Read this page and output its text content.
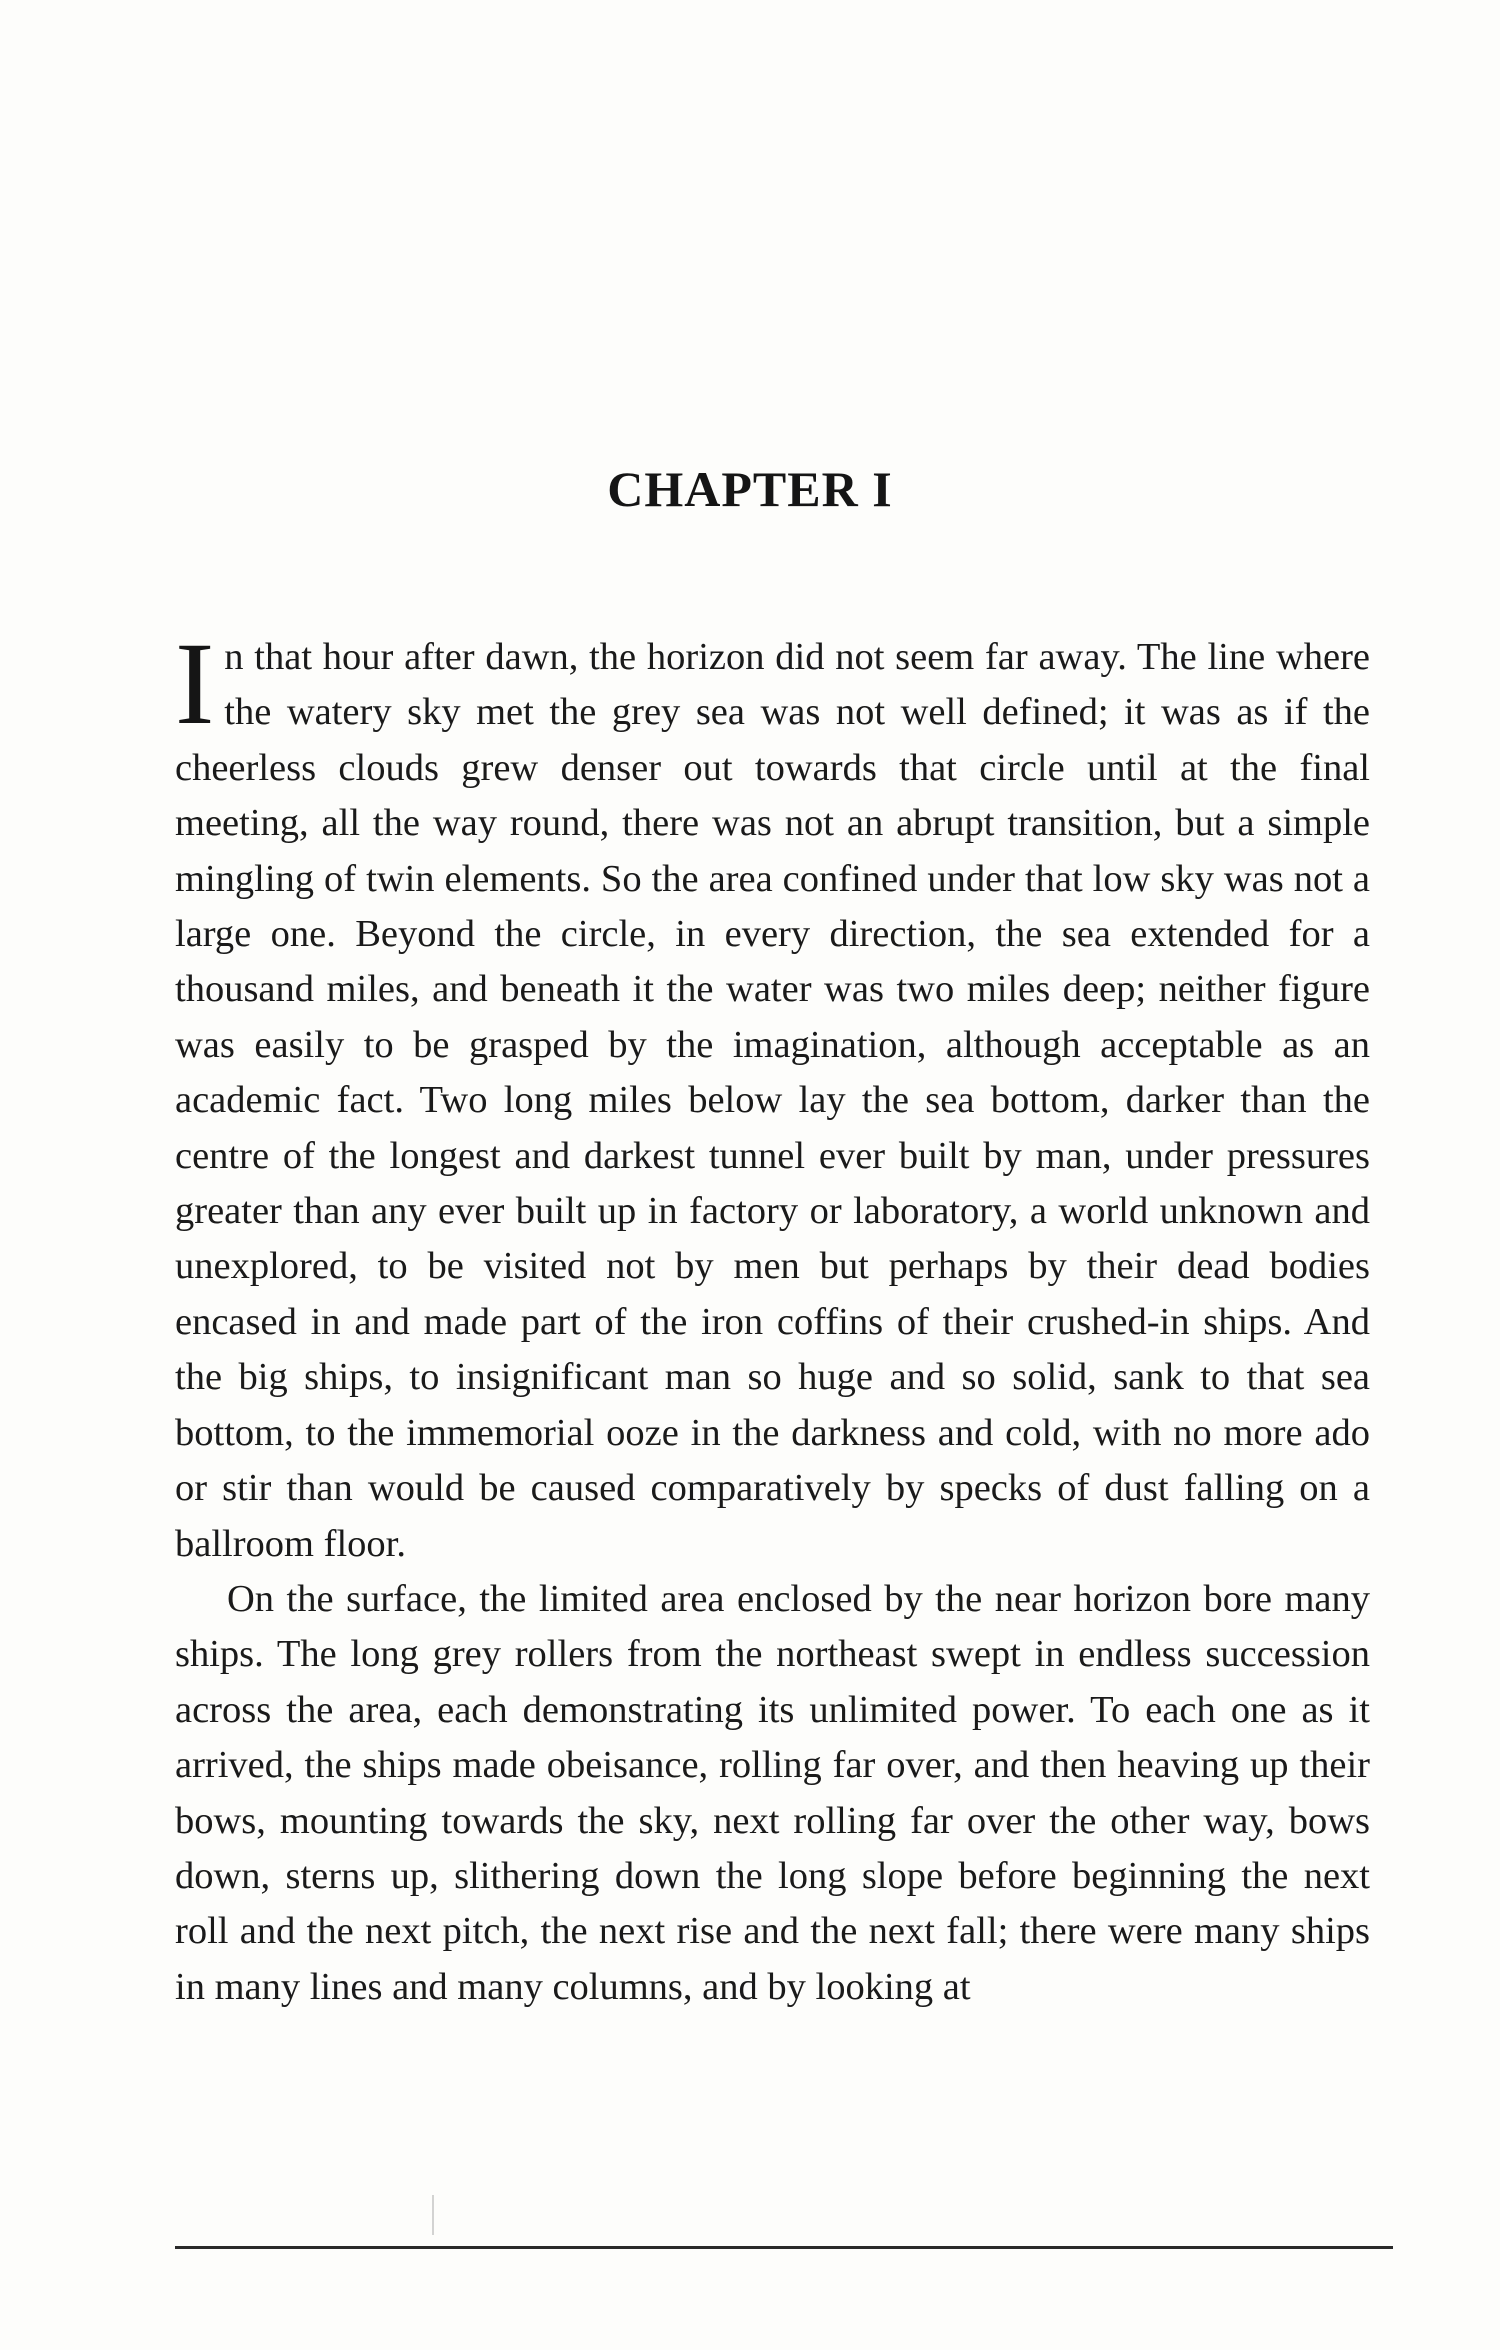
CHAPTER I

In that hour after dawn, the horizon did not seem far away. The line where the watery sky met the grey sea was not well defined; it was as if the cheerless clouds grew denser out towards that circle until at the final meeting, all the way round, there was not an abrupt transition, but a simple mingling of twin elements. So the area confined under that low sky was not a large one. Beyond the circle, in every direction, the sea extended for a thousand miles, and beneath it the water was two miles deep; neither figure was easily to be grasped by the imagination, although acceptable as an academic fact. Two long miles below lay the sea bottom, darker than the centre of the longest and darkest tunnel ever built by man, under pressures greater than any ever built up in factory or laboratory, a world unknown and unexplored, to be visited not by men but perhaps by their dead bodies encased in and made part of the iron coffins of their crushed-in ships. And the big ships, to insignificant man so huge and so solid, sank to that sea bottom, to the immemorial ooze in the darkness and cold, with no more ado or stir than would be caused comparatively by specks of dust falling on a ballroom floor.

On the surface, the limited area enclosed by the near horizon bore many ships. The long grey rollers from the northeast swept in endless succession across the area, each demonstrating its unlimited power. To each one as it arrived, the ships made obeisance, rolling far over, and then heaving up their bows, mounting towards the sky, next rolling far over the other way, bows down, sterns up, slithering down the long slope before beginning the next roll and the next pitch, the next rise and the next fall; there were many ships in many lines and many columns, and by looking at
